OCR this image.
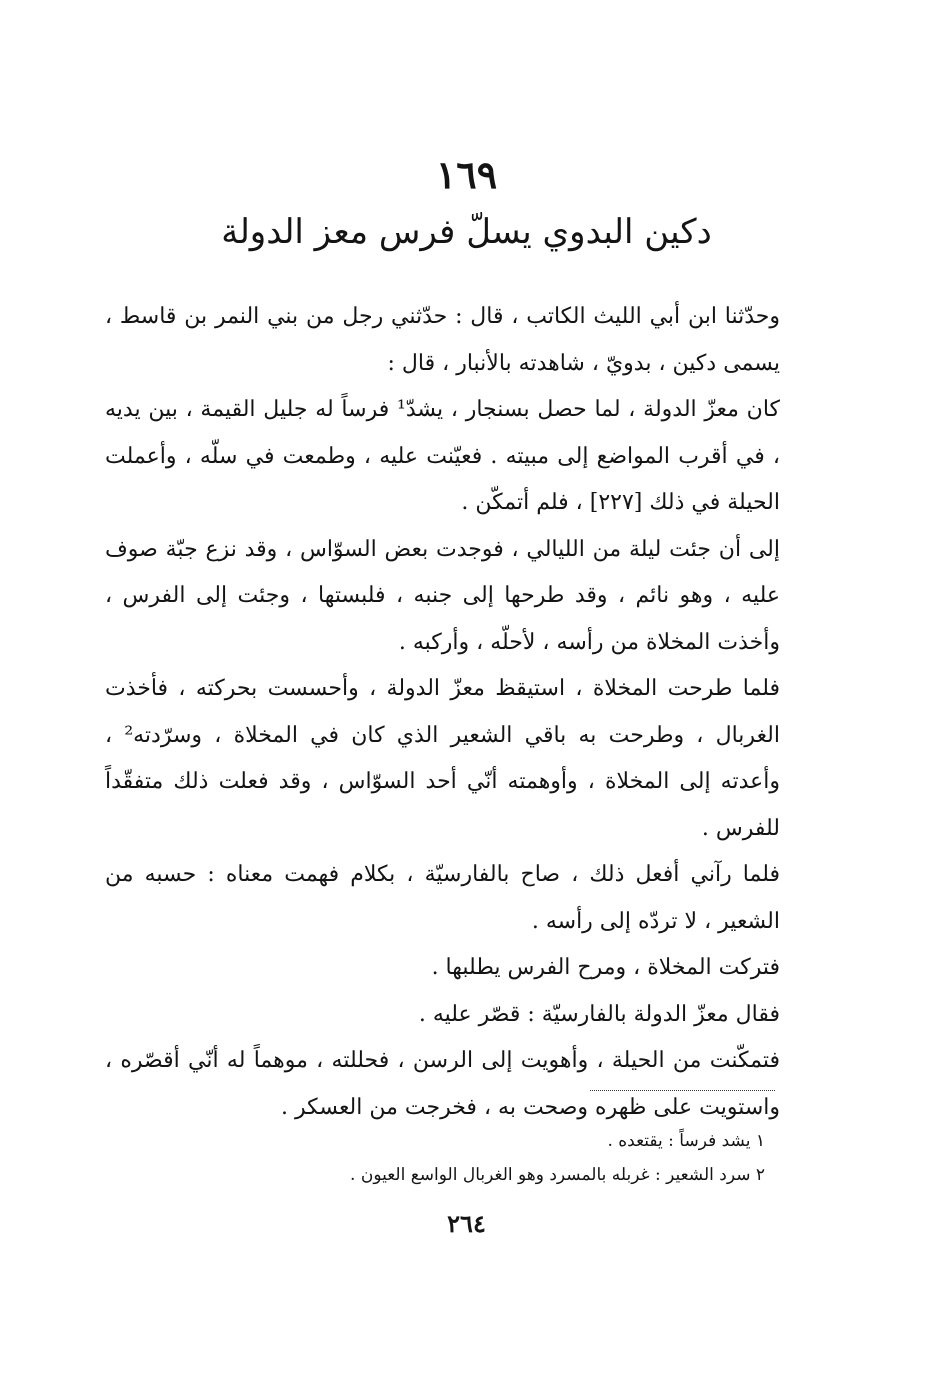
١٦٩
دكين البدوي يسلّ فرس معز الدولة

وحدّثنا ابن أبي الليث الكاتب ، قال : حدّثني رجل من بني النمر بن قاسط ، يسمى دكين ، بدويّ ، شاهدته بالأنبار ، قال :

كان معزّ الدولة ، لما حصل بسنجار ، يشدّ¹ فرساً له جليل القيمة ، بين يديه ، في أقرب المواضع إلى مبيته . فعيّنت عليه ، وطمعت في سلّه ، وأعملت الحيلة في ذلك [٢٢٧] ، فلم أتمكّن .

إلى أن جئت ليلة من الليالي ، فوجدت بعض السوّاس ، وقد نزع جبّة صوف عليه ، وهو نائم ، وقد طرحها إلى جنبه ، فلبستها ، وجئت إلى الفرس ، وأخذت المخلاة من رأسه ، لأحلّه ، وأركبه .

فلما طرحت المخلاة ، استيقظ معزّ الدولة ، وأحسست بحركته ، فأخذت الغربال ، وطرحت به باقي الشعير الذي كان في المخلاة ، وسرّدته² ، وأعدته إلى المخلاة ، وأوهمته أنّي أحد السوّاس ، وقد فعلت ذلك متفقّداً للفرس .

فلما رآني أفعل ذلك ، صاح بالفارسيّة ، بكلام فهمت معناه : حسبه من الشعير ، لا تردّه إلى رأسه .

فتركت المخلاة ، ومرح الفرس يطلبها .

فقال معزّ الدولة بالفارسيّة : قصّر عليه .

فتمكّنت من الحيلة ، وأهويت إلى الرسن ، فحللته ، موهماً له أنّي أقصّره ، واستويت على ظهره وصحت به ، فخرجت من العسكر .

١ يشد فرساً : يقتعده .
٢ سرد الشعير : غربله بالمسرد وهو الغربال الواسع العيون .
٢٦٤
